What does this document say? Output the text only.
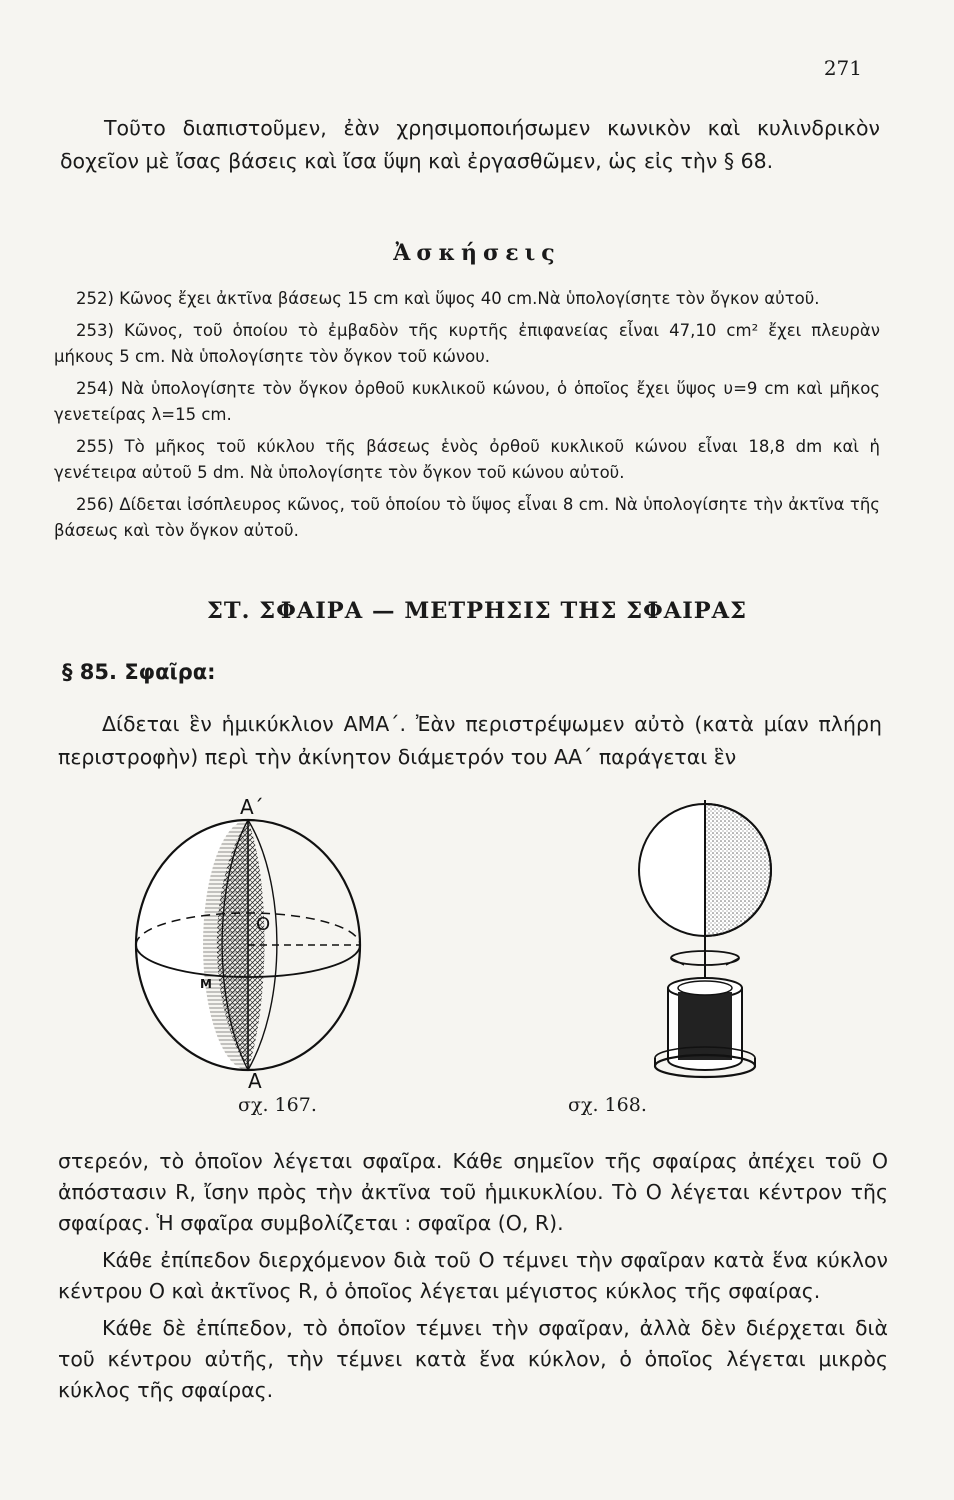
271

Τοῦτο διαπιστοῦμεν, ἐὰν χρησιμοποιήσωμεν κωνικὸν καὶ κυλινδρικὸν δοχεῖον μὲ ἴσας βάσεις καὶ ἴσα ὕψη καὶ ἐργασθῶμεν, ὡς εἰς τὴν § 68.

Ἀσκήσεις

252) Κῶνος ἔχει ἀκτῖνα βάσεως 15 cm καὶ ὕψος 40 cm.Νὰ ὑπολογίσητε τὸν ὄγκον αὐτοῦ.

253) Κῶνος, τοῦ ὁποίου τὸ ἐμβαδὸν τῆς κυρτῆς ἐπιφανείας εἶναι 47,10 cm² ἔχει πλευρὰν μήκους 5 cm. Νὰ ὑπολογίσητε τὸν ὄγκον τοῦ κώνου.

254) Νὰ ὑπολογίσητε τὸν ὄγκον ὀρθοῦ κυκλικοῦ κώνου, ὁ ὁποῖος ἔχει ὕψος υ=9 cm καὶ μῆκος γενετείρας λ=15 cm.

255) Τὸ μῆκος τοῦ κύκλου τῆς βάσεως ἑνὸς ὀρθοῦ κυκλικοῦ κώνου εἶναι 18,8 dm καὶ ἡ γενέτειρα αὐτοῦ 5 dm. Νὰ ὑπολογίσητε τὸν ὄγκον τοῦ κώνου αὐτοῦ.

256) Δίδεται ἰσόπλευρος κῶνος, τοῦ ὁποίου τὸ ὕψος εἶναι 8 cm. Νὰ ὑπολογίσητε τὴν ἀκτῖνα τῆς βάσεως καὶ τὸν ὄγκον αὐτοῦ.

ΣΤ. ΣΦΑΙΡΑ — ΜΕΤΡΗΣΙΣ ΤΗΣ ΣΦΑΙΡΑΣ
§ 85. Σφαῖρα:

Δίδεται ἓν ἡμικύκλιον ΑΜΑ΄. Ἐὰν περιστρέψωμεν αὐτὸ (κατὰ μίαν πλήρη περιστροφὴν) περὶ τὴν ἀκίνητον διάμετρόν του ΑΑ΄ παράγεται ἓν

Α΄
Ο
Μ
Α
σχ. 167.	σχ. 168.

στερεόν, τὸ ὁποῖον λέγεται σφαῖρα. Κάθε σημεῖον τῆς σφαίρας ἀπέχει τοῦ Ο ἀπόστασιν R, ἴσην πρὸς τὴν ἀκτῖνα τοῦ ἡμικυκλίου. Τὸ Ο λέγεται κέντρον τῆς σφαίρας. Ἡ σφαῖρα συμβολίζεται : σφαῖρα (Ο, R).

Κάθε ἐπίπεδον διερχόμενον διὰ τοῦ Ο τέμνει τὴν σφαῖραν κατὰ ἕνα κύκλον κέντρου Ο καὶ ἀκτῖνος R, ὁ ὁποῖος λέγεται μέγιστος κύκλος τῆς σφαίρας.

Κάθε δὲ ἐπίπεδον, τὸ ὁποῖον τέμνει τὴν σφαῖραν, ἀλλὰ δὲν διέρχεται διὰ τοῦ κέντρου αὐτῆς, τὴν τέμνει κατὰ ἕνα κύκλον, ὁ ὁποῖος λέγεται μικρὸς κύκλος τῆς σφαίρας.
